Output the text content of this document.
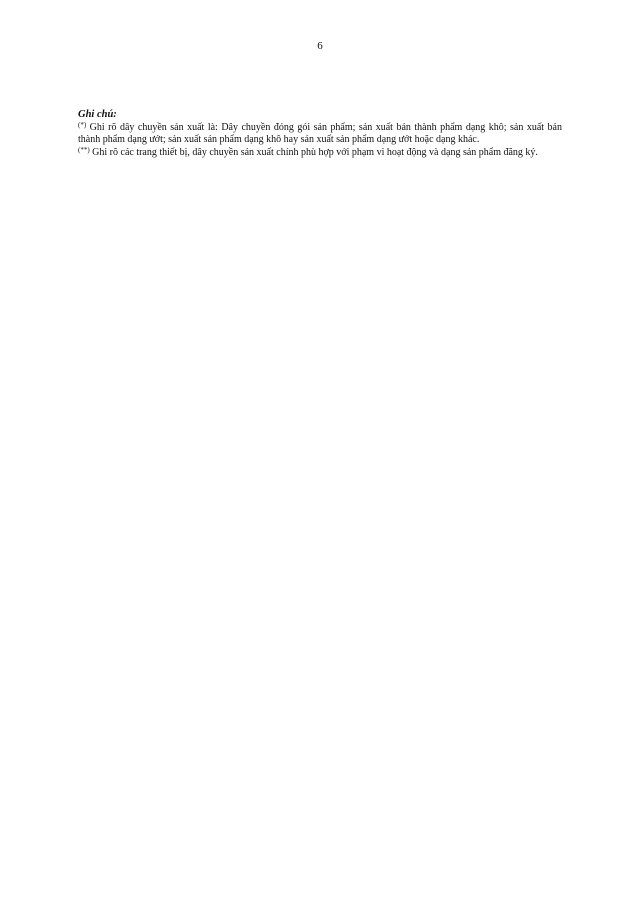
6

Ghi chú:

(*) Ghi rõ dây chuyền sản xuất là: Dây chuyền đóng gói sản phẩm; sản xuất bán thành phẩm dạng khô; sản xuất bán thành phẩm dạng ướt; sản xuất sản phẩm dạng khô hay sản xuất sản phẩm dạng ướt hoặc dạng khác.

(**) Ghi rõ các trang thiết bị, dây chuyền sản xuất chính phù hợp với phạm vi hoạt động và dạng sản phẩm đăng ký.
